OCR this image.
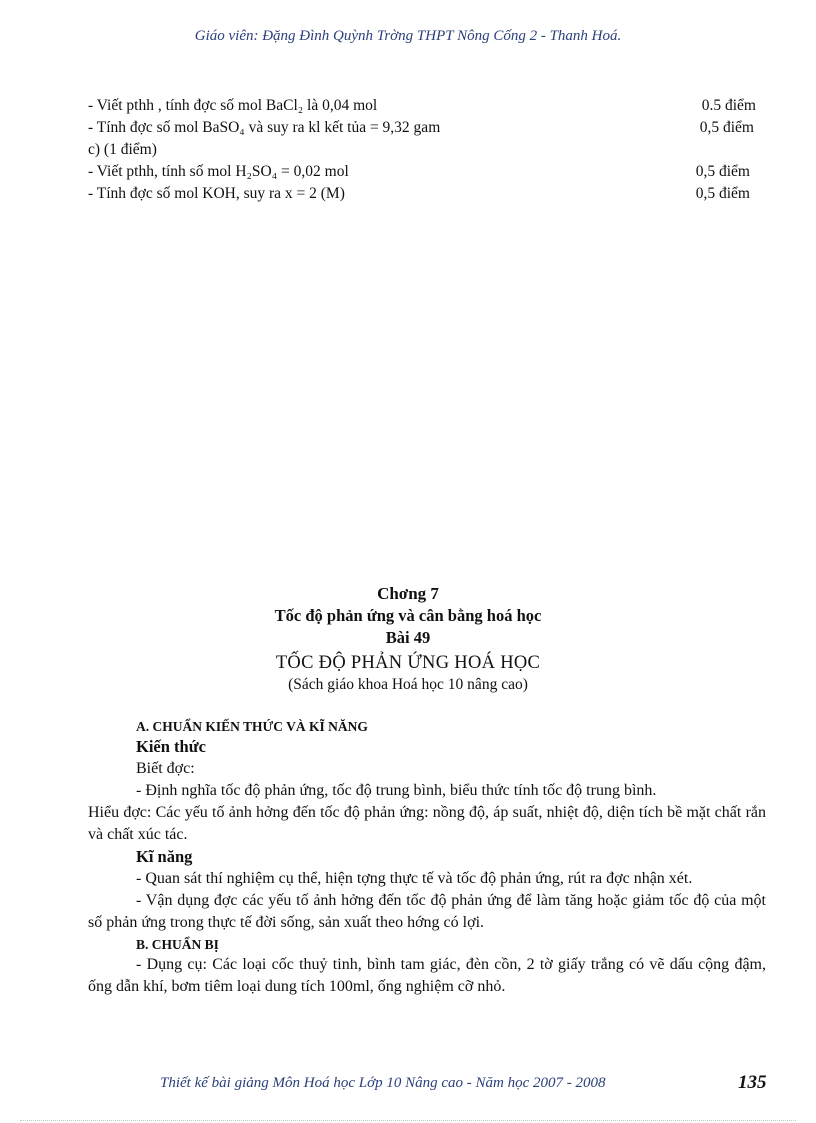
Giáo viên: Đặng Đình Quỳnh Trờng THPT Nông Cống 2 - Thanh Hoá.
- Viết pthh , tính đợc số mol BaCl₂ là 0,04 mol	0.5 điểm
- Tính đợc số mol BaSO₄ và suy ra kl kết tủa = 9,32 gam	0,5 điểm
c) (1 điểm)
- Viết pthh, tính số mol H₂SO₄ = 0,02 mol	0,5 điểm
- Tính đợc số mol KOH, suy ra x = 2 (M)	0,5 điểm
Chơng 7
Tốc độ phản ứng và cân bằng hoá học
Bài 49
TỐC ĐỘ PHẢN ỨNG HOÁ HỌC
(Sách giáo khoa Hoá học 10 nâng cao)
A. CHUẨN KIẾN THỨC VÀ KĨ NĂNG
Kiến thức

Biết đợc:

- Định nghĩa tốc độ phản ứng, tốc độ trung bình, biểu thức tính tốc độ trung bình.

Hiểu đợc: Các yếu tố ảnh hởng đến tốc độ phản ứng: nồng độ, áp suất, nhiệt độ, diện tích bề mặt chất rắn và chất xúc tác.

Kĩ năng

- Quan sát thí nghiệm cụ thể, hiện tợng thực tế và tốc độ phản ứng, rút ra đợc nhận xét.

- Vận dụng đợc các yếu tố ảnh hởng đến tốc độ phản ứng để làm tăng hoặc giảm tốc độ của một số phản ứng trong thực tế đời sống, sản xuất theo hớng có lợi.

B. CHUẨN BỊ

- Dụng cụ: Các loại cốc thuỷ tinh, bình tam giác, đèn cồn, 2 tờ giấy trắng có vẽ dấu cộng đậm, ống dẫn khí, bơm tiêm loại dung tích 100ml, ống nghiệm cỡ nhỏ.

Thiết kế bài giảng Môn Hoá học Lớp 10 Nâng cao - Năm học 2007 - 2008	135
